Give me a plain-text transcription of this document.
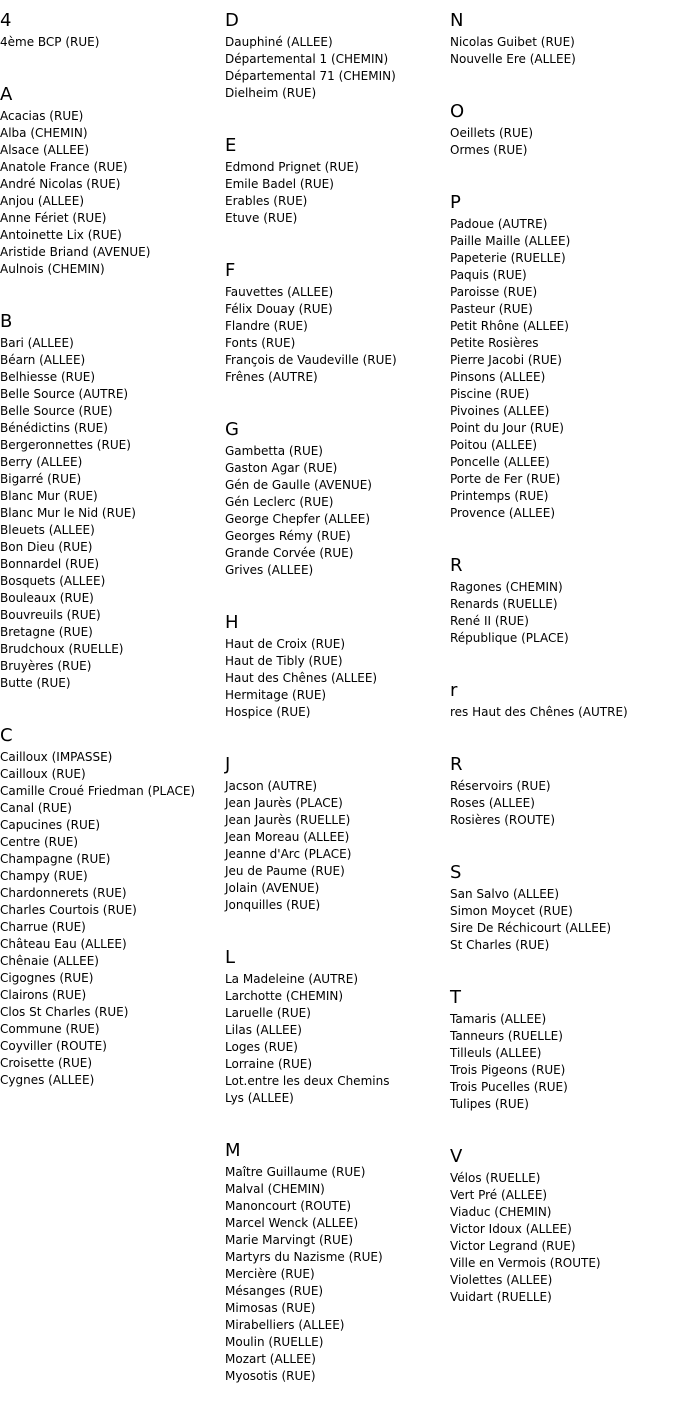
4
4ème BCP (RUE)
A
Acacias (RUE)
Alba (CHEMIN)
Alsace (ALLEE)
Anatole France (RUE)
André Nicolas (RUE)
Anjou (ALLEE)
Anne Fériet (RUE)
Antoinette Lix (RUE)
Aristide Briand (AVENUE)
Aulnois (CHEMIN)
B
Bari (ALLEE)
Béarn (ALLEE)
Belhiesse (RUE)
Belle Source (AUTRE)
Belle Source (RUE)
Bénédictins (RUE)
Bergeronnettes (RUE)
Berry (ALLEE)
Bigarré (RUE)
Blanc Mur (RUE)
Blanc Mur le Nid (RUE)
Bleuets (ALLEE)
Bon Dieu (RUE)
Bonnardel (RUE)
Bosquets (ALLEE)
Bouleaux (RUE)
Bouvreuils (RUE)
Bretagne (RUE)
Brudchoux (RUELLE)
Bruyères (RUE)
Butte (RUE)
C
Cailloux (IMPASSE)
Cailloux (RUE)
Camille Croué Friedman (PLACE)
Canal (RUE)
Capucines (RUE)
Centre (RUE)
Champagne (RUE)
Champy (RUE)
Chardonnerets (RUE)
Charles Courtois (RUE)
Charrue (RUE)
Château Eau (ALLEE)
Chênaie (ALLEE)
Cigognes (RUE)
Clairons (RUE)
Clos St Charles (RUE)
Commune (RUE)
Coyviller (ROUTE)
Croisette (RUE)
Cygnes (ALLEE)
D
Dauphiné (ALLEE)
Départemental 1 (CHEMIN)
Départemental 71 (CHEMIN)
Dielheim (RUE)
E
Edmond Prignet (RUE)
Emile Badel (RUE)
Erables (RUE)
Etuve (RUE)
F
Fauvettes (ALLEE)
Félix Douay (RUE)
Flandre (RUE)
Fonts (RUE)
François de Vaudeville (RUE)
Frênes (AUTRE)
G
Gambetta (RUE)
Gaston Agar (RUE)
Gén de Gaulle (AVENUE)
Gén Leclerc (RUE)
George Chepfer (ALLEE)
Georges Rémy (RUE)
Grande Corvée (RUE)
Grives (ALLEE)
H
Haut de Croix (RUE)
Haut de Tibly (RUE)
Haut des Chênes (ALLEE)
Hermitage (RUE)
Hospice (RUE)
J
Jacson (AUTRE)
Jean Jaurès (PLACE)
Jean Jaurès (RUELLE)
Jean Moreau (ALLEE)
Jeanne d'Arc (PLACE)
Jeu de Paume (RUE)
Jolain (AVENUE)
Jonquilles (RUE)
L
La Madeleine (AUTRE)
Larchotte (CHEMIN)
Laruelle (RUE)
Lilas (ALLEE)
Loges (RUE)
Lorraine (RUE)
Lot.entre les deux Chemins
Lys (ALLEE)
M
Maître Guillaume (RUE)
Malval (CHEMIN)
Manoncourt (ROUTE)
Marcel Wenck (ALLEE)
Marie Marvingt (RUE)
Martyrs du Nazisme (RUE)
Mercière (RUE)
Mésanges (RUE)
Mimosas (RUE)
Mirabelliers (ALLEE)
Moulin (RUELLE)
Mozart (ALLEE)
Myosotis (RUE)
N
Nicolas Guibet (RUE)
Nouvelle Ere (ALLEE)
O
Oeillets (RUE)
Ormes (RUE)
P
Padoue (AUTRE)
Paille Maille (ALLEE)
Papeterie (RUELLE)
Paquis (RUE)
Paroisse (RUE)
Pasteur (RUE)
Petit Rhône (ALLEE)
Petite Rosières
Pierre Jacobi (RUE)
Pinsons (ALLEE)
Piscine (RUE)
Pivoines (ALLEE)
Point du Jour (RUE)
Poitou (ALLEE)
Poncelle (ALLEE)
Porte de Fer (RUE)
Printemps (RUE)
Provence (ALLEE)
R
Ragones (CHEMIN)
Renards (RUELLE)
René II (RUE)
République (PLACE)
r
res Haut des Chênes (AUTRE)
R
Réservoirs (RUE)
Roses (ALLEE)
Rosières (ROUTE)
S
San Salvo (ALLEE)
Simon Moycet (RUE)
Sire De Réchicourt (ALLEE)
St Charles (RUE)
T
Tamaris (ALLEE)
Tanneurs (RUELLE)
Tilleuls (ALLEE)
Trois Pigeons (RUE)
Trois Pucelles (RUE)
Tulipes (RUE)
V
Vélos (RUELLE)
Vert Pré (ALLEE)
Viaduc (CHEMIN)
Victor Idoux (ALLEE)
Victor Legrand (RUE)
Ville en Vermois (ROUTE)
Violettes (ALLEE)
Vuidart (RUELLE)
